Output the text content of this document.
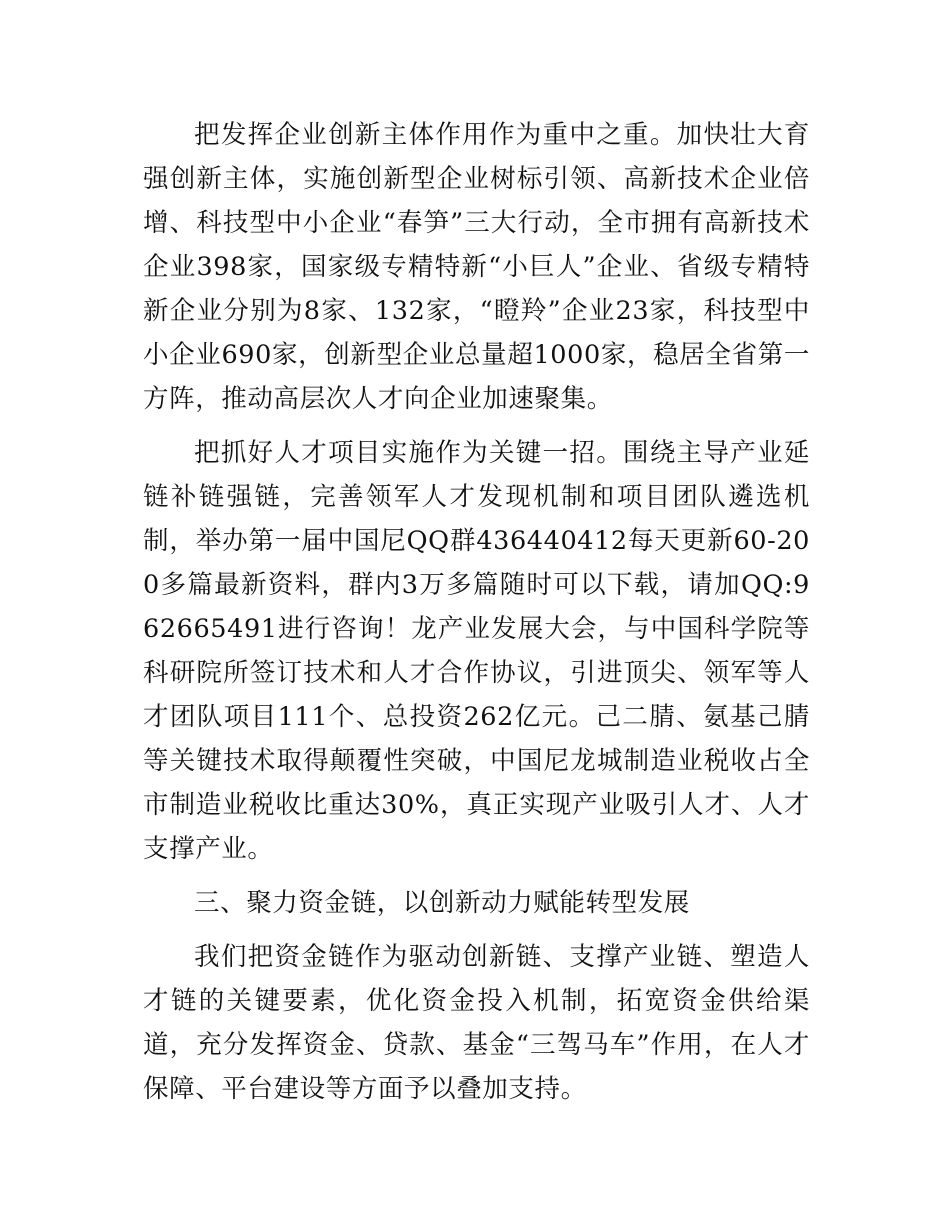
把发挥企业创新主体作用作为重中之重。加快壮大育强创新主体，实施创新型企业树标引领、高新技术企业倍增、科技型中小企业“春笋”三大行动，全市拥有高新技术企业398家，国家级专精特新“小巨人”企业、省级专精特新企业分别为8家、132家，“瞪羚”企业23家，科技型中小企业690家，创新型企业总量超1000家，稳居全省第一方阵，推动高层次人才向企业加速聚集。

把抓好人才项目实施作为关键一招。围绕主导产业延链补链强链，完善领军人才发现机制和项目团队遴选机制，举办第一届中国尼QQ群436440412每天更新60-200多篇最新资料，群内3万多篇随时可以下载，请加QQ:962665491进行咨询！龙产业发展大会，与中国科学院等科研院所签订技术和人才合作协议，引进顶尖、领军等人才团队项目111个、总投资262亿元。己二腈、氨基己腈等关键技术取得颠覆性突破，中国尼龙城制造业税收占全市制造业税收比重达30%，真正实现产业吸引人才、人才支撑产业。

三、聚力资金链，以创新动力赋能转型发展

我们把资金链作为驱动创新链、支撑产业链、塑造人才链的关键要素，优化资金投入机制，拓宽资金供给渠道，充分发挥资金、贷款、基金“三驾马车”作用，在人才保障、平台建设等方面予以叠加支持。
